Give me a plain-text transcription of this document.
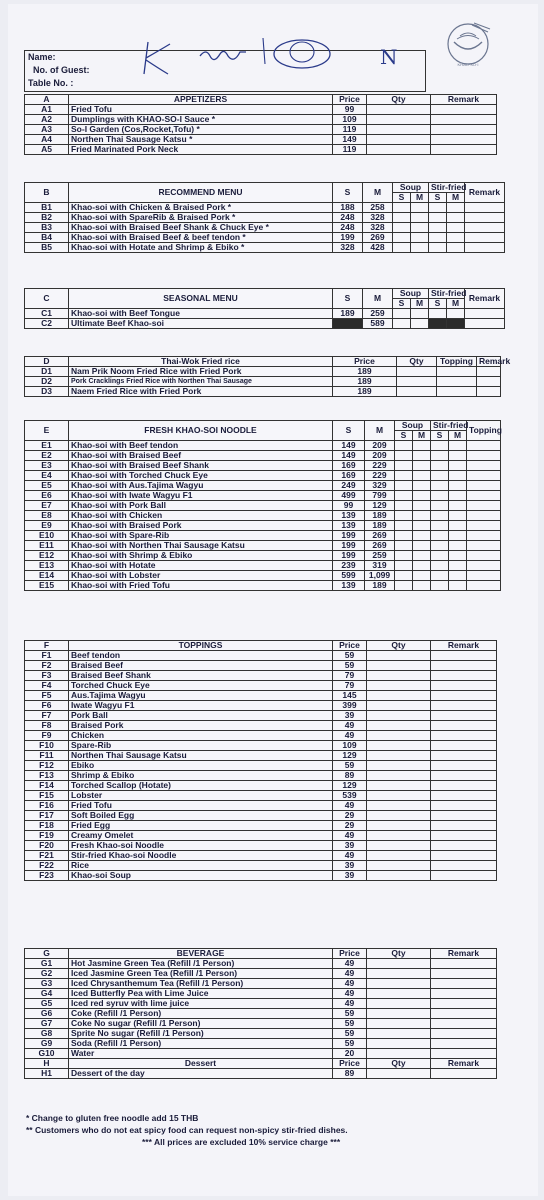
KHAO·SO·I
Name:
No. of Guest:
Table No. :
N
A	APPETIZERS	Price	Qty	Remark
A1	Fried Tofu	99		
A2	Dumplings with KHAO-SO-I Sauce *	109		
A3	So-I Garden (Cos,Rocket,Tofu) *	119		
A4	Northen Thai Sausage Katsu *	149		
A5	Fried Marinated Pork Neck	119		
B	RECOMMEND MENU	S	M	Soup		Stir-fried		Remark
				S	M	S	M	
B1	Khao-soi with Chicken & Braised Pork *	188	258					
B2	Khao-soi with SpareRib & Braised Pork *	248	328					
B3	Khao-soi with Braised Beef Shank & Chuck Eye *	248	328					
B4	Khao-soi with Braised Beef & beef tendon *	199	269					
B5	Khao-soi with Hotate and Shrimp & Ebiko *	328	428					
C	SEASONAL MENU	S	M	Soup		Stir-fried		Remark
				S	M	S	M	
C1	Khao-soi with Beef Tongue	189	259					
C2	Ultimate Beef Khao-soi		589					
D	Thai-Wok Fried rice	Price	Qty	Topping	Remark
D1	Nam Prik Noom Fried Rice with Fried Pork	189			
D2	Pork Cracklings Fried Rice with Northen Thai Sausage	189			
D3	Naem Fried Rice with Fried Pork	189			
E	FRESH KHAO-SOI NOODLE	S	M	Soup		Stir-fried		Topping
				S	M	S	M	
E1	Khao-soi with Beef tendon	149	209					
E2	Khao-soi with Braised Beef	149	209					
E3	Khao-soi with Braised Beef Shank	169	229					
E4	Khao-soi with Torched Chuck Eye	169	229					
E5	Khao-soi with Aus.Tajima Wagyu	249	329					
E6	Khao-soi with Iwate Wagyu F1	499	799					
E7	Khao-soi with Pork Ball	99	129					
E8	Khao-soi with Chicken	139	189					
E9	Khao-soi with Braised Pork	139	189					
E10	Khao-soi with Spare-Rib	199	269					
E11	Khao-soi with Northen Thai Sausage Katsu	199	269					
E12	Khao-soi with Shrimp & Ebiko	199	259					
E13	Khao-soi with Hotate	239	319					
E14	Khao-soi with Lobster	599	1,099					
E15	Khao-soi with Fried Tofu	139	189					
F	TOPPINGS	Price	Qty	Remark
F1	Beef tendon	59		
F2	Braised Beef	59		
F3	Braised Beef Shank	79		
F4	Torched Chuck Eye	79		
F5	Aus.Tajima Wagyu	145		
F6	Iwate Wagyu F1	399		
F7	Pork Ball	39		
F8	Braised Pork	49		
F9	Chicken	49		
F10	Spare-Rib	109		
F11	Northen Thai Sausage Katsu	129		
F12	Ebiko	59		
F13	Shrimp & Ebiko	89		
F14	Torched Scallop (Hotate)	129		
F15	Lobster	539		
F16	Fried Tofu	49		
F17	Soft Boiled Egg	29		
F18	Fried Egg	29		
F19	Creamy Omelet	49		
F20	Fresh Khao-soi Noodle	39		
F21	Stir-fried Khao-soi Noodle	49		
F22	Rice	39		
F23	Khao-soi Soup	39		
G	BEVERAGE	Price	Qty	Remark
G1	Hot Jasmine Green Tea (Refill /1 Person)	49		
G2	Iced Jasmine Green Tea (Refill /1 Person)	49		
G3	Iced Chrysanthemum Tea (Refill /1 Person)	49		
G4	Iced Butterfly Pea with Lime Juice	49		
G5	Iced red syruv with lime juice	49		
G6	Coke (Refill /1 Person)	59		
G7	Coke No sugar (Refill /1 Person)	59		
G8	Sprite No sugar (Refill /1 Person)	59		
G9	Soda (Refill /1 Person)	59		
G10	Water	20		
H	Dessert	Price	Qty	Remark
H1	Dessert of the day	89		
* Change to gluten free noodle add 15 THB
** Customers who do not eat spicy food can request non-spicy stir-fried dishes.
*** All prices are excluded 10% service charge ***
